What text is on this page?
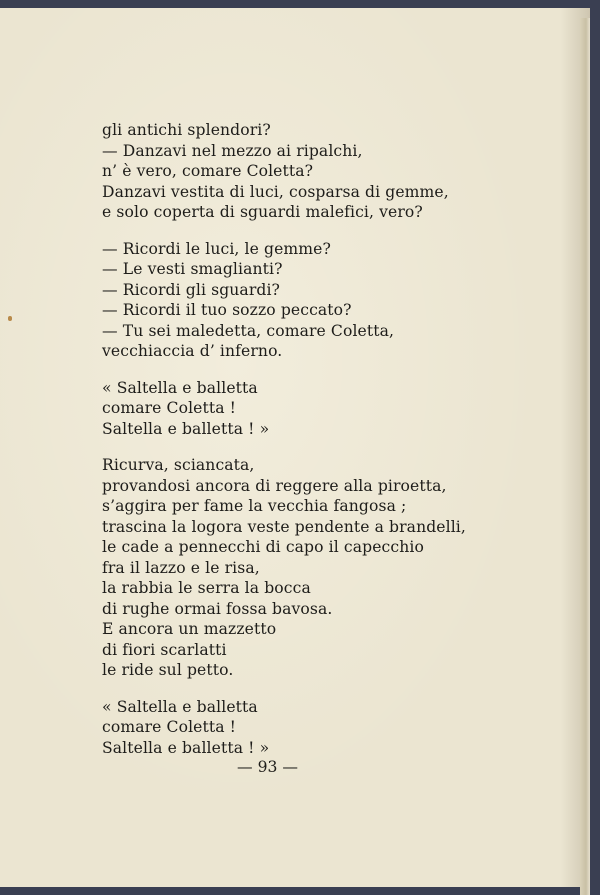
gli antichi splendori?
— Danzavi nel mezzo ai ripalchi,
n’ è vero, comare Coletta?
Danzavi vestita di luci, cosparsa di gemme,
e solo coperta di sguardi malefici, vero?
— Ricordi le luci, le gemme?
— Le vesti smaglianti?
— Ricordi gli sguardi?
— Ricordi il tuo sozzo peccato?
— Tu sei maledetta, comare Coletta,
vecchiaccia d’ inferno.
« Saltella e balletta
comare Coletta !
Saltella e balletta ! »
Ricurva, sciancata,
provandosi ancora di reggere alla piroetta,
s’aggira per fame la vecchia fangosa ;
trascina la logora veste pendente a brandelli,
le cade a pennecchi di capo il capecchio
fra il lazzo e le risa,
la rabbia le serra la bocca
di rughe ormai fossa bavosa.
E ancora un mazzetto
di fiori scarlatti
le ride sul petto.
« Saltella e balletta
comare Coletta !
Saltella e balletta ! »
— 93 —
